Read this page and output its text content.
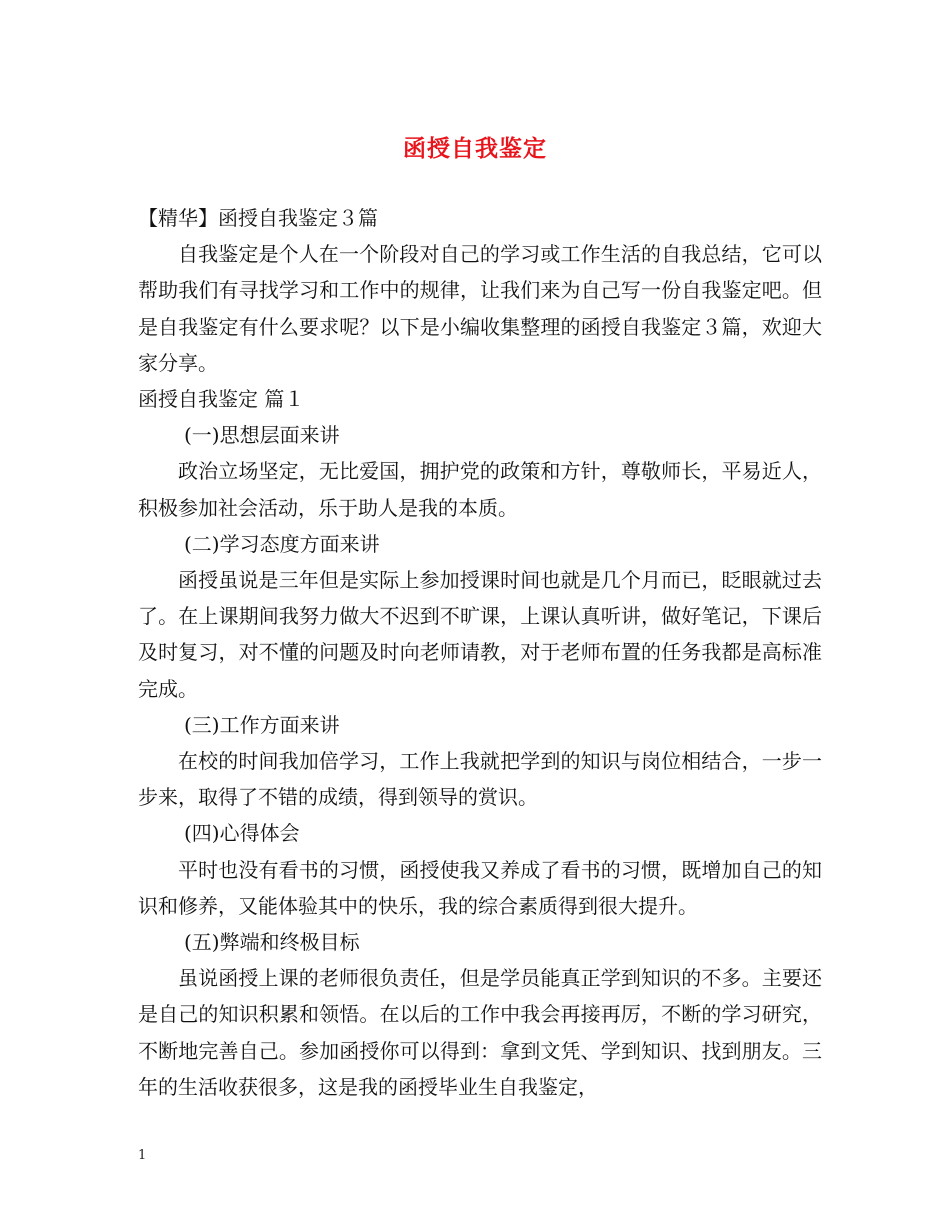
函授自我鉴定

【精华】函授自我鉴定３篇

自我鉴定是个人在一个阶段对自己的学习或工作生活的自我总结，它可以帮助我们有寻找学习和工作中的规律，让我们来为自己写一份自我鉴定吧。但是自我鉴定有什么要求呢？以下是小编收集整理的函授自我鉴定３篇，欢迎大家分享。

函授自我鉴定 篇１

(一)思想层面来讲

政治立场坚定，无比爱国，拥护党的政策和方针，尊敬师长，平易近人，积极参加社会活动，乐于助人是我的本质。

(二)学习态度方面来讲

函授虽说是三年但是实际上参加授课时间也就是几个月而已，眨眼就过去了。在上课期间我努力做大不迟到不旷课，上课认真听讲，做好笔记，下课后及时复习，对不懂的问题及时向老师请教，对于老师布置的任务我都是高标准完成。

(三)工作方面来讲

在校的时间我加倍学习，工作上我就把学到的知识与岗位相结合，一步一步来，取得了不错的成绩，得到领导的赏识。

(四)心得体会

平时也没有看书的习惯，函授使我又养成了看书的习惯，既增加自己的知识和修养，又能体验其中的快乐，我的综合素质得到很大提升。

(五)弊端和终极目标

虽说函授上课的老师很负责任，但是学员能真正学到知识的不多。主要还是自己的知识积累和领悟。在以后的工作中我会再接再厉，不断的学习研究，不断地完善自己。参加函授你可以得到：拿到文凭、学到知识、找到朋友。三年的生活收获很多，这是我的函授毕业生自我鉴定，

1
